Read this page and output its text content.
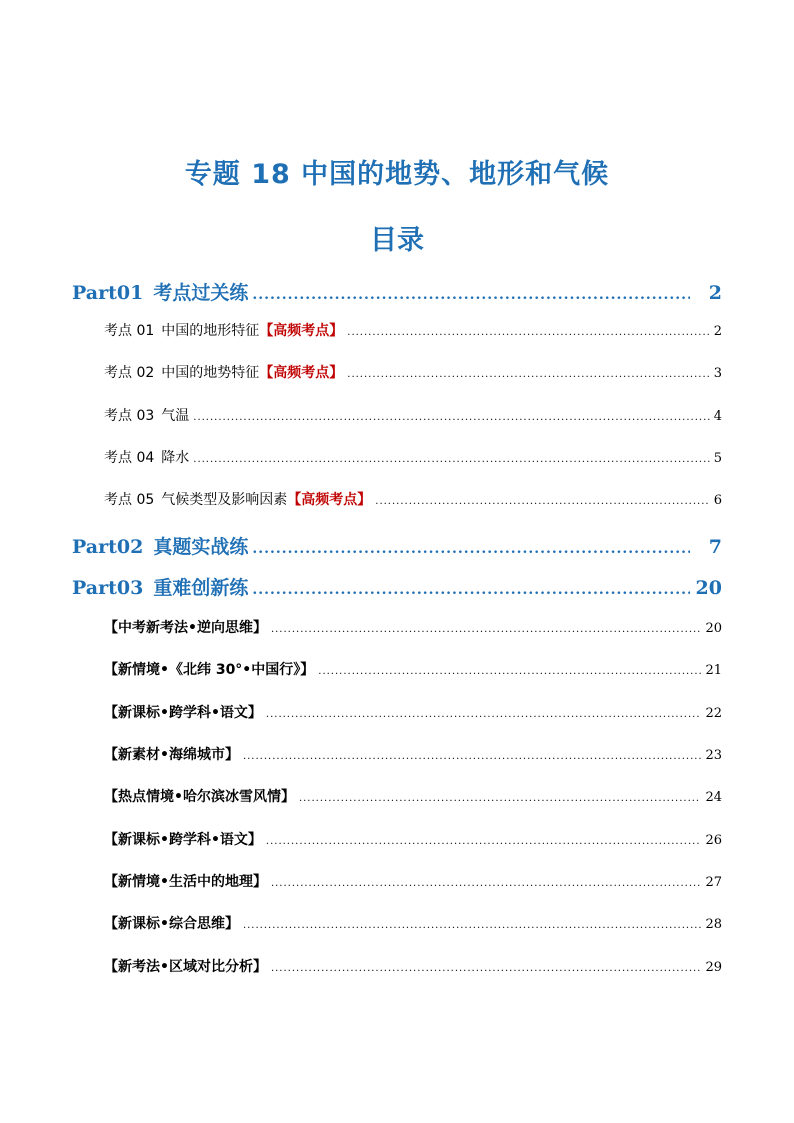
专题 18 中国的地势、地形和气候
目录
Part01 考点过关练 .....	2
考点 01 中国的地形特征 【高频考点】 .....	2
考点 02 中国的地势特征 【高频考点】 .....	3
考点 03 气温 .....	4
考点 04 降水 .....	5
考点 05 气候类型及影响因素 【高频考点】 .....	6
Part02 真题实战练 .....	7
Part03 重难创新练 .....	20
【中考新考法•逆向思维】 .....	20
【新情境•《北纬 30°•中国行》】 .....	21
【新课标•跨学科•语文】 .....	22
【新素材•海绵城市】 .....	23
【热点情境•哈尔滨冰雪风情】 .....	24
【新课标•跨学科•语文】 .....	26
【新情境•生活中的地理】 .....	27
【新课标•综合思维】 .....	28
【新考法•区域对比分析】 .....	29
